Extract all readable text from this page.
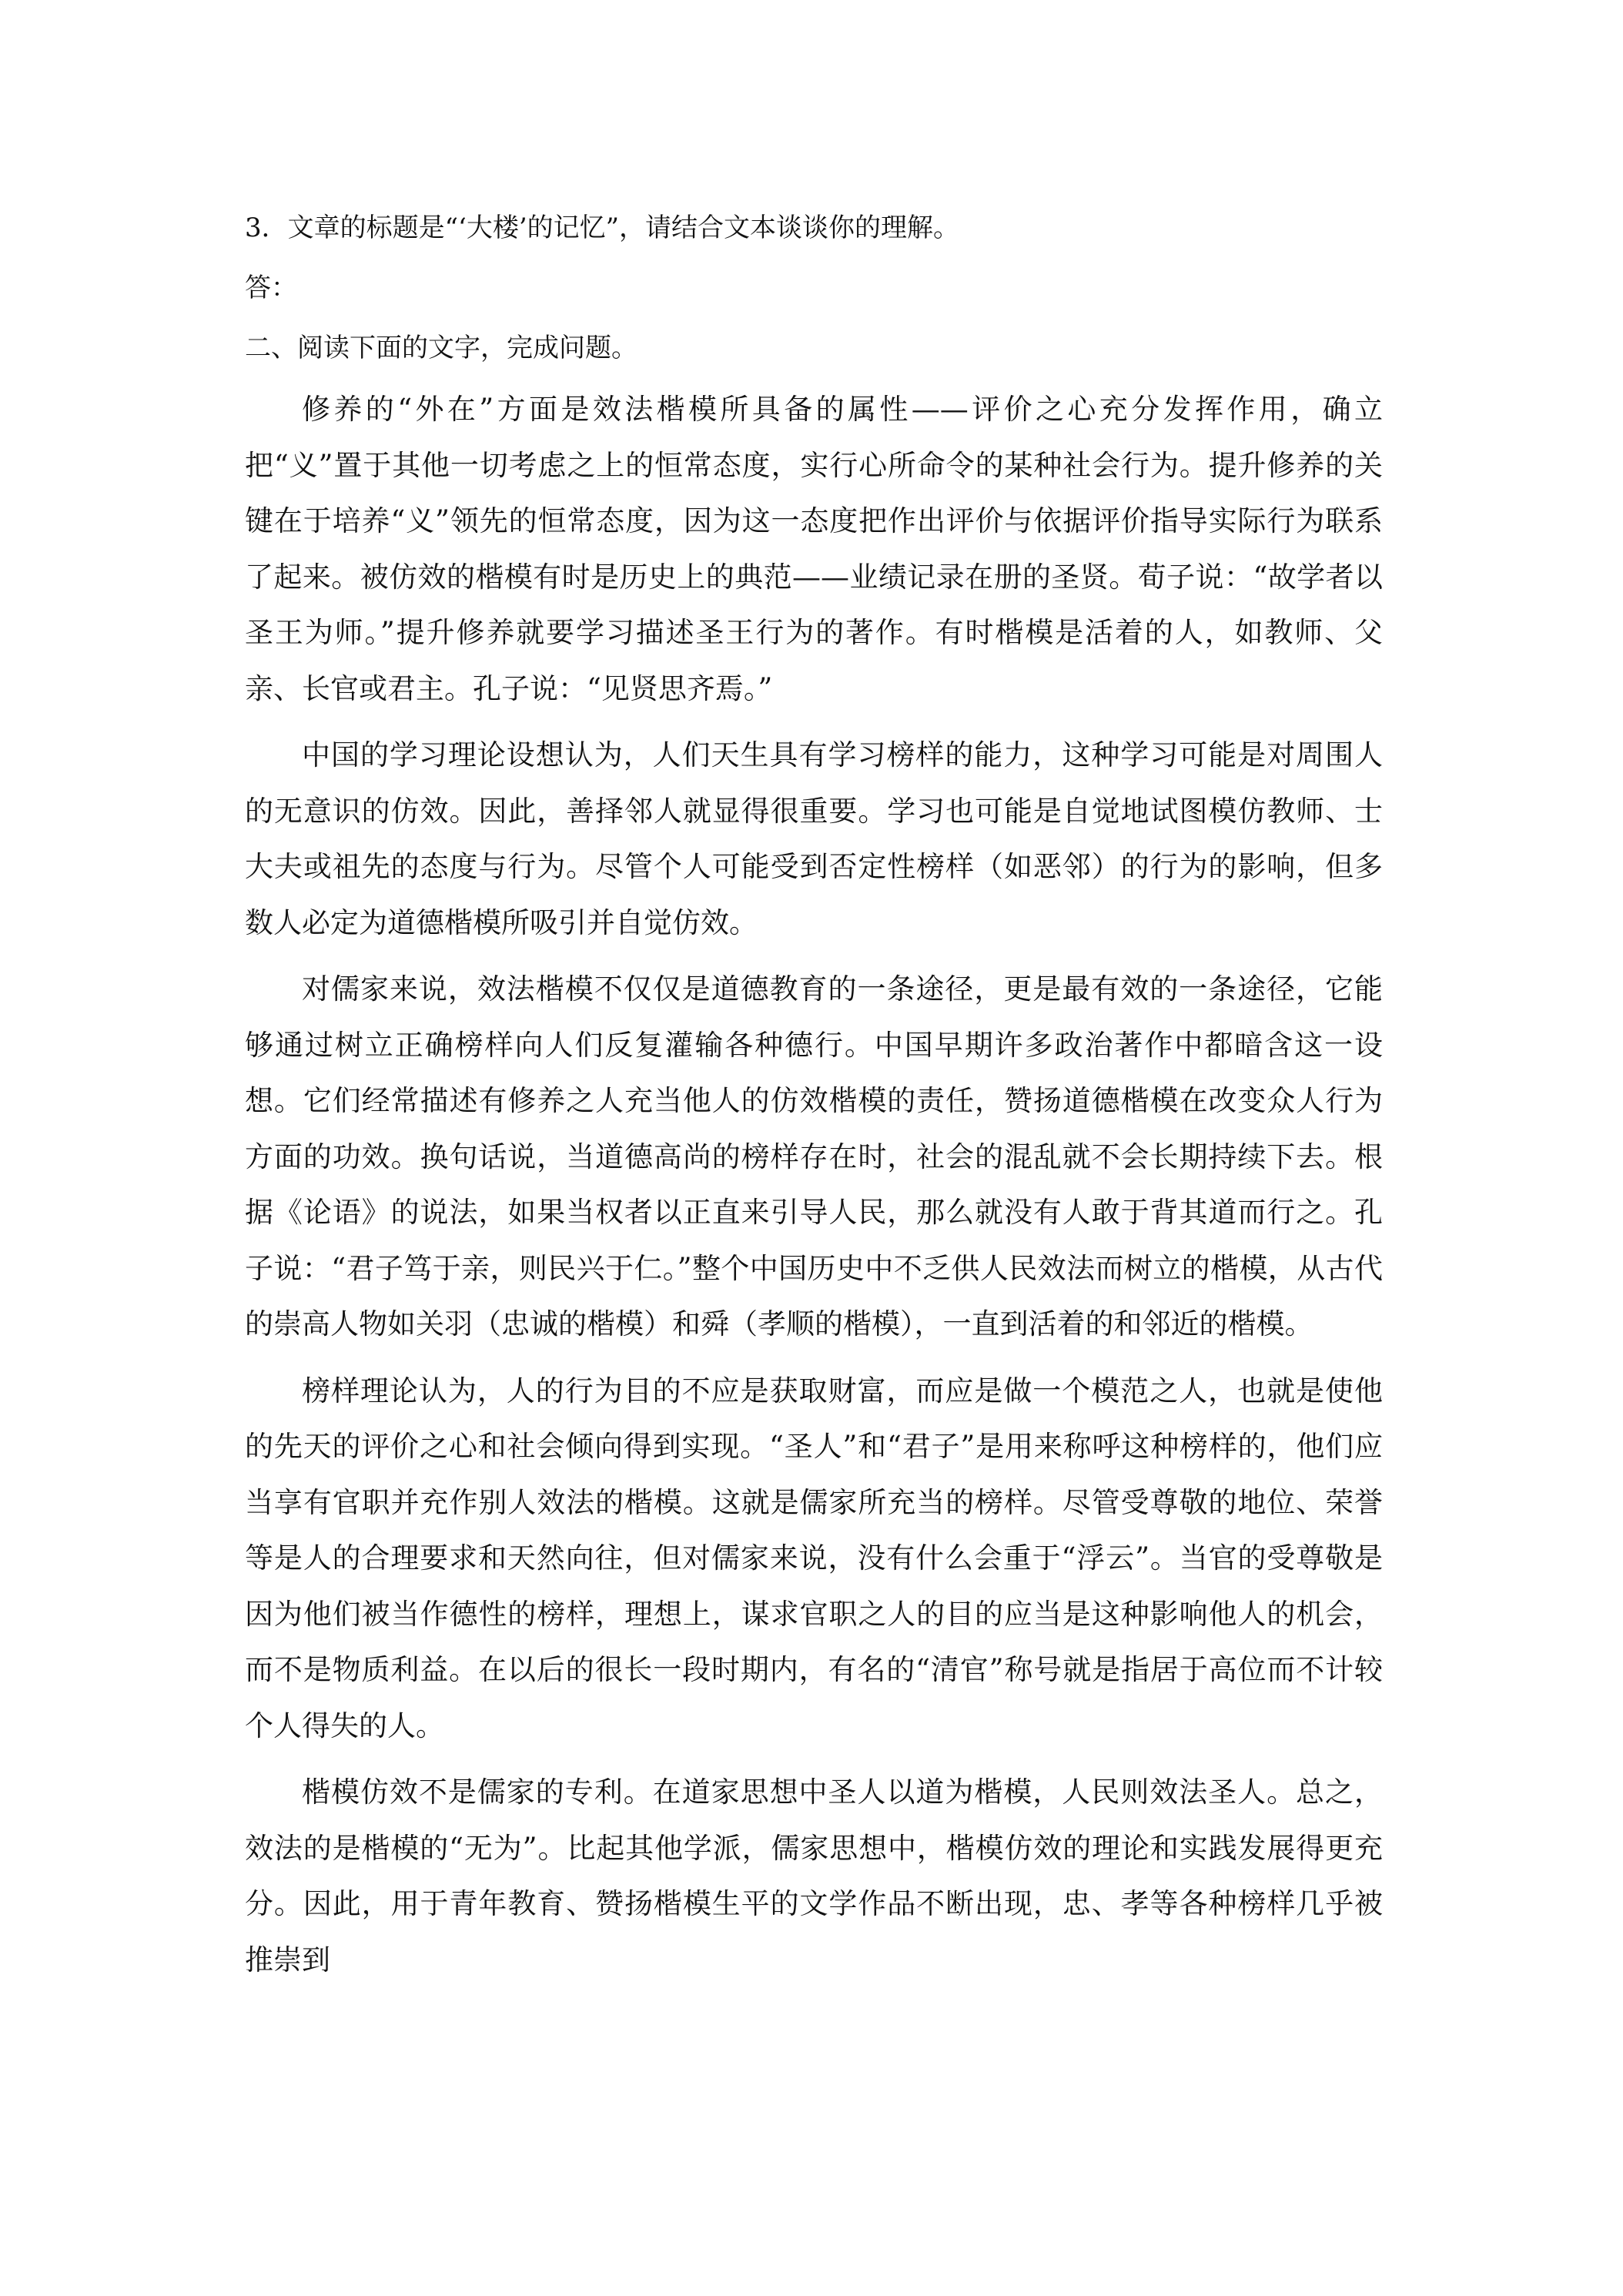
3．文章的标题是“‘大楼’的记忆”，请结合文本谈谈你的理解。

答：

二、阅读下面的文字，完成问题。

修养的“外在”方面是效法楷模所具备的属性——评价之心充分发挥作用，确立把“义”置于其他一切考虑之上的恒常态度，实行心所命令的某种社会行为。提升修养的关键在于培养“义”领先的恒常态度，因为这一态度把作出评价与依据评价指导实际行为联系了起来。被仿效的楷模有时是历史上的典范——业绩记录在册的圣贤。荀子说：“故学者以圣王为师。”提升修养就要学习描述圣王行为的著作。有时楷模是活着的人，如教师、父亲、长官或君主。孔子说：“见贤思齐焉。”

中国的学习理论设想认为，人们天生具有学习榜样的能力，这种学习可能是对周围人的无意识的仿效。因此，善择邻人就显得很重要。学习也可能是自觉地试图模仿教师、士大夫或祖先的态度与行为。尽管个人可能受到否定性榜样（如恶邻）的行为的影响，但多数人必定为道德楷模所吸引并自觉仿效。

对儒家来说，效法楷模不仅仅是道德教育的一条途径，更是最有效的一条途径，它能够通过树立正确榜样向人们反复灌输各种德行。中国早期许多政治著作中都暗含这一设想。它们经常描述有修养之人充当他人的仿效楷模的责任，赞扬道德楷模在改变众人行为方面的功效。换句话说，当道德高尚的榜样存在时，社会的混乱就不会长期持续下去。根据《论语》的说法，如果当权者以正直来引导人民，那么就没有人敢于背其道而行之。孔子说：“君子笃于亲，则民兴于仁。”整个中国历史中不乏供人民效法而树立的楷模，从古代的崇高人物如关羽（忠诚的楷模）和舜（孝顺的楷模），一直到活着的和邻近的楷模。

榜样理论认为，人的行为目的不应是获取财富，而应是做一个模范之人，也就是使他的先天的评价之心和社会倾向得到实现。“圣人”和“君子”是用来称呼这种榜样的，他们应当享有官职并充作别人效法的楷模。这就是儒家所充当的榜样。尽管受尊敬的地位、荣誉等是人的合理要求和天然向往，但对儒家来说，没有什么会重于“浮云”。当官的受尊敬是因为他们被当作德性的榜样，理想上，谋求官职之人的目的应当是这种影响他人的机会，而不是物质利益。在以后的很长一段时期内，有名的“清官”称号就是指居于高位而不计较个人得失的人。

楷模仿效不是儒家的专利。在道家思想中圣人以道为楷模，人民则效法圣人。总之，效法的是楷模的“无为”。比起其他学派，儒家思想中，楷模仿效的理论和实践发展得更充分。因此，用于青年教育、赞扬楷模生平的文学作品不断出现，忠、孝等各种榜样几乎被推崇到
